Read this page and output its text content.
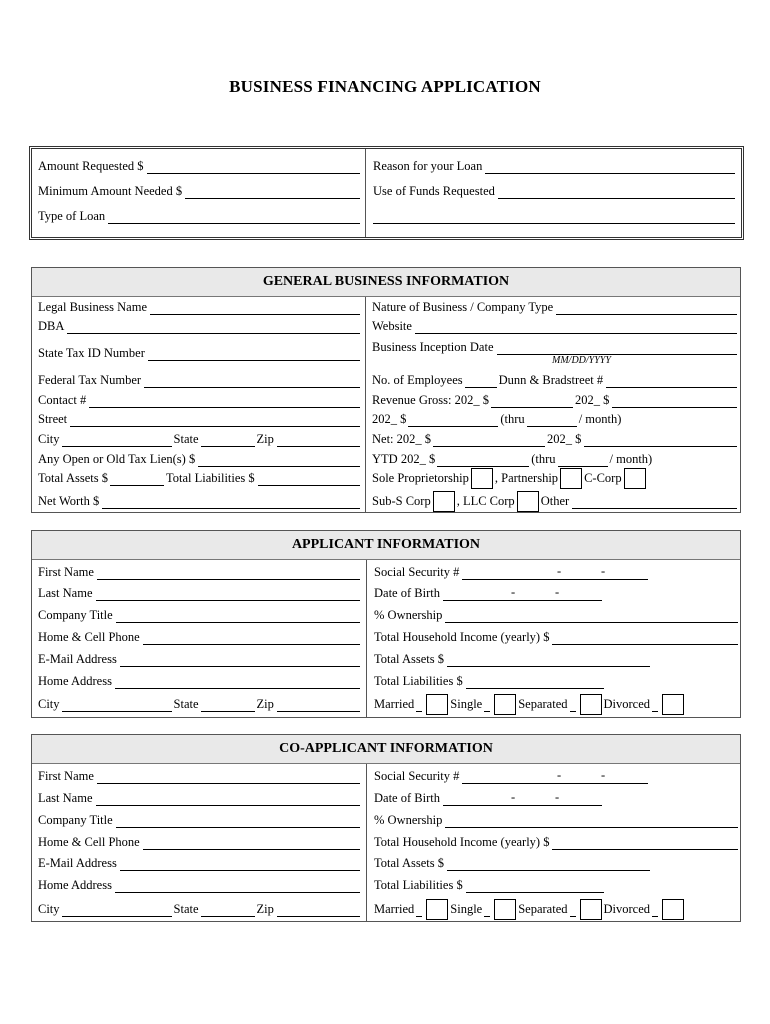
BUSINESS FINANCING APPLICATION
Amount Requested $
Minimum Amount Needed $
Type of Loan
Reason for your Loan
Use of Funds Requested
GENERAL BUSINESS INFORMATION
Legal Business Name
DBA
State Tax ID Number
Federal Tax Number
Contact #
Street
City	State	Zip
Any Open or Old Tax Lien(s) $
Total Assets $	Total Liabilities $
Net Worth $
Nature of Business / Company Type
Website
Business Inception Date
MM/DD/YYYY
No. of Employees	Dunn & Bradstreet #
Revenue Gross: 202_ $	202_ $
202_ $	(thru	/ month)
Net: 202_ $	202_ $
YTD 202_ $	(thru	/ month)
Sole Proprietorship , Partnership C-Corp
Sub-S Corp , LLC Corp Other
APPLICANT INFORMATION
First Name
Last Name
Company Title
Home & Cell Phone
E-Mail Address
Home Address
City	State	Zip
Social Security #	-	-
Date of Birth	-	-
% Ownership
Total Household Income (yearly) $
Total Assets $
Total Liabilities $
Married	Single	Separated	Divorced
CO-APPLICANT INFORMATION
First Name
Last Name
Company Title
Home & Cell Phone
E-Mail Address
Home Address
City	State	Zip
Social Security #	-	-
Date of Birth	-	-
% Ownership
Total Household Income (yearly) $
Total Assets $
Total Liabilities $
Married	Single	Separated	Divorced
